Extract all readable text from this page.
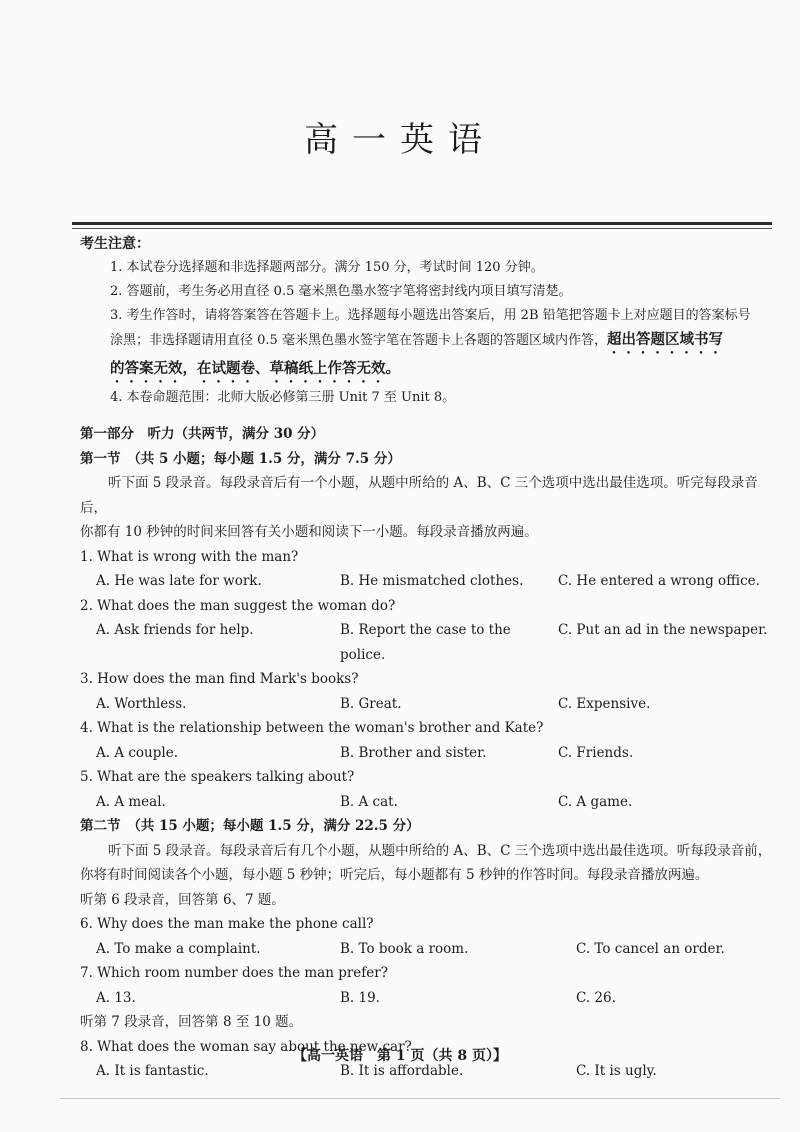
高一英语
考生注意：
1. 本试卷分选择题和非选择题两部分。满分 150 分，考试时间 120 分钟。
2. 答题前，考生务必用直径 0.5 毫米黑色墨水签字笔将密封线内项目填写清楚。
3. 考生作答时，请将答案答在答题卡上。选择题每小题选出答案后，用 2B 铅笔把答题卡上对应题目的答案标号
涂黑；非选择题请用直径 0.5 毫米黑色墨水签字笔在答题卡上各题的答题区域内作答，超出答题区域书写
的答案无效，在试题卷、草稿纸上作答无效。
4. 本卷命题范围：北师大版必修第三册 Unit 7 至 Unit 8。
第一部分　听力（共两节，满分 30 分）
第一节　（共 5 小题；每小题 1.5 分，满分 7.5 分）
听下面 5 段录音。每段录音后有一个小题，从题中所给的 A、B、C 三个选项中选出最佳选项。听完每段录音后，
你都有 10 秒钟的时间来回答有关小题和阅读下一小题。每段录音播放两遍。
1. What is wrong with the man?
A. He was late for work.	B. He mismatched clothes.	C. He entered a wrong office.
2. What does the man suggest the woman do?
A. Ask friends for help.	B. Report the case to the police.
C. Put an ad in the newspaper.
3. How does the man find Mark's books?
A. Worthless.	B. Great.	C. Expensive.
4. What is the relationship between the woman's brother and Kate?
A. A couple.	B. Brother and sister.	C. Friends.
5. What are the speakers talking about?
A. A meal.	B. A cat.	C. A game.
第二节　（共 15 小题；每小题 1.5 分，满分 22.5 分）
听下面 5 段录音。每段录音后有几个小题，从题中所给的 A、B、C 三个选项中选出最佳选项。听每段录音前，
你将有时间阅读各个小题，每小题 5 秒钟；听完后，每小题都有 5 秒钟的作答时间。每段录音播放两遍。
听第 6 段录音，回答第 6、7 题。
6. Why does the man make the phone call?
A. To make a complaint.	B. To book a room.	C. To cancel an order.
7. Which room number does the man prefer?
A. 13.	B. 19.	C. 26.
听第 7 段录音，回答第 8 至 10 题。
8. What does the woman say about the new car?
A. It is fantastic.	B. It is affordable.	C. It is ugly.
【高一英语　第 1 页（共 8 页）】
